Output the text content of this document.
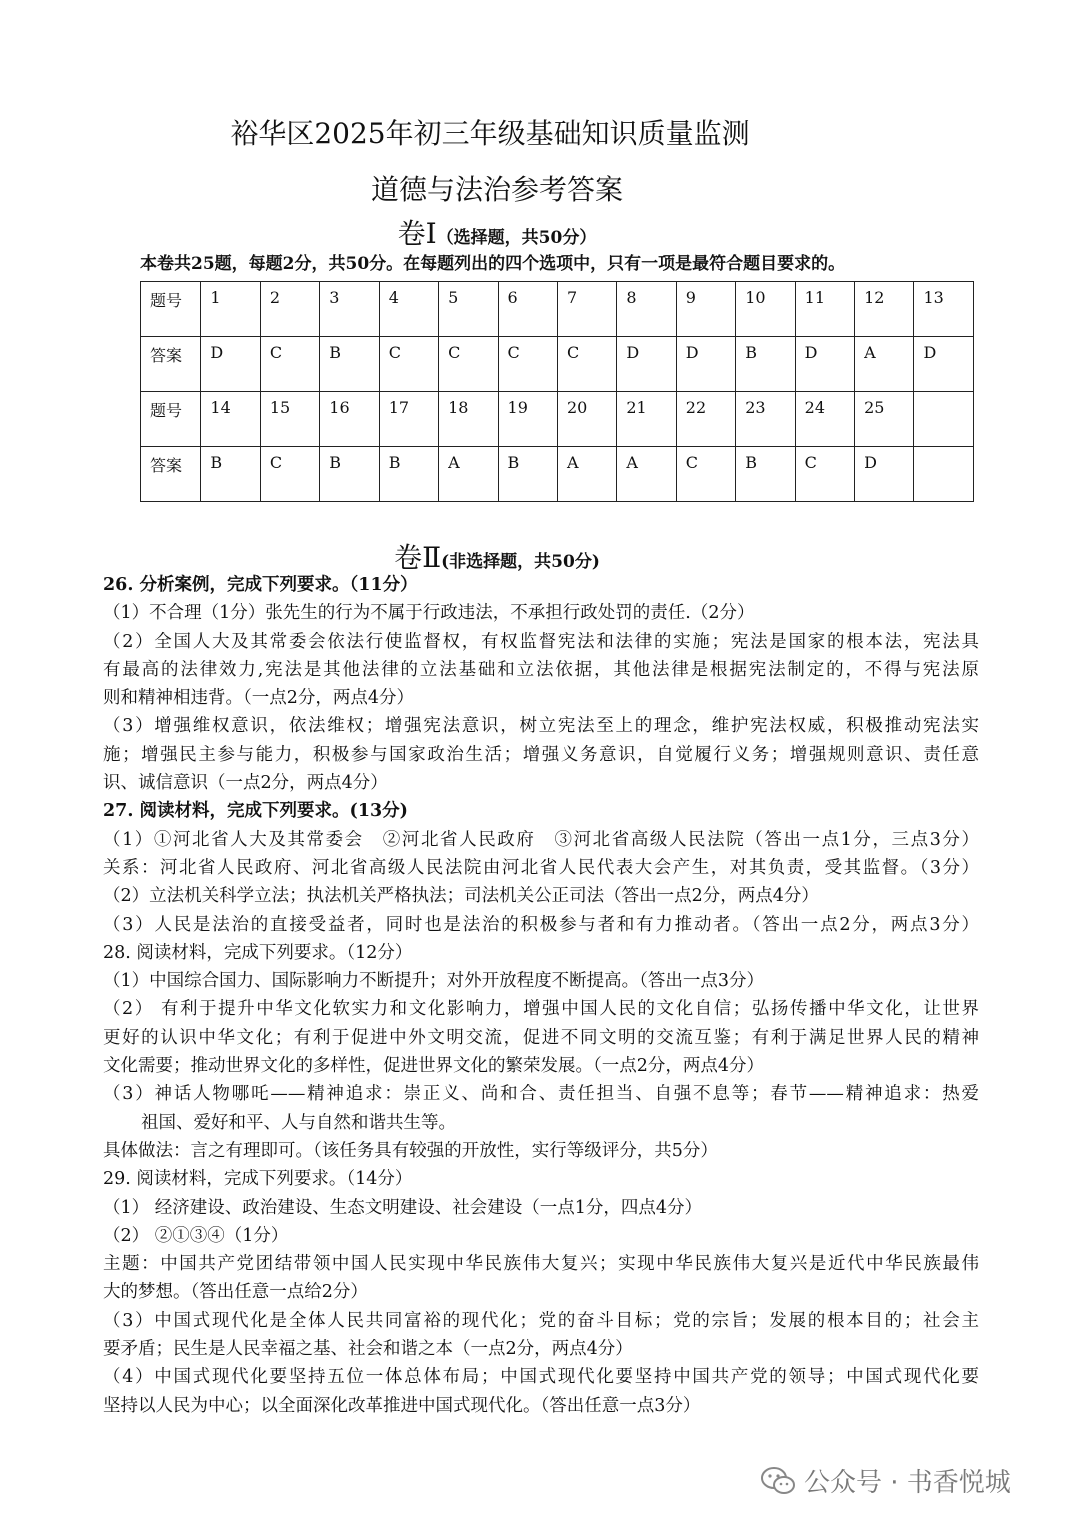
裕华区2025年初三年级基础知识质量监测
道德与法治参考答案
卷Ⅰ（选择题，共50分）
本卷共25题，每题2分，共50分。在每题列出的四个选项中，只有一项是最符合题目要求的。
题号	1	2	3	4	5	6	7	8	9	10	11	12	13
答案	D	C	B	C	C	C	C	D	D	B	D	A	D
题号	14	15	16	17	18	19	20	21	22	23	24	25	
答案	B	C	B	B	A	B	A	A	C	B	C	D	
卷Ⅱ(非选择题，共50分)
26. 分析案例，完成下列要求。（11分）
（1）不合理（1分）张先生的行为不属于行政违法，不承担行政处罚的责任.（2分）
（2）全国人大及其常委会依法行使监督权，有权监督宪法和法律的实施；宪法是国家的根本法，宪法具
有最高的法律效力,宪法是其他法律的立法基础和立法依据，其他法律是根据宪法制定的，不得与宪法原
则和精神相违背。（一点2分，两点4分）
（3）增强维权意识，依法维权；增强宪法意识，树立宪法至上的理念，维护宪法权威，积极推动宪法实
施；增强民主参与能力，积极参与国家政治生活；增强义务意识，自觉履行义务；增强规则意识、责任意
识、诚信意识（一点2分，两点4分）
27. 阅读材料，完成下列要求。(13分)
（1）①河北省人大及其常委会　②河北省人民政府　③河北省高级人民法院（答出一点1分，三点3分）
关系：河北省人民政府、河北省高级人民法院由河北省人民代表大会产生，对其负责，受其监督。（3分）
（2）立法机关科学立法；执法机关严格执法；司法机关公正司法（答出一点2分，两点4分）
（3）人民是法治的直接受益者，同时也是法治的积极参与者和有力推动者。（答出一点2分，两点3分）
28. 阅读材料，完成下列要求。（12分）
（1）中国综合国力、国际影响力不断提升；对外开放程度不断提高。（答出一点3分）
（2） 有利于提升中华文化软实力和文化影响力，增强中国人民的文化自信；弘扬传播中华文化，让世界
更好的认识中华文化；有利于促进中外文明交流，促进不同文明的交流互鉴；有利于满足世界人民的精神
文化需要；推动世界文化的多样性，促进世界文化的繁荣发展。（一点2分，两点4分）
（3）神话人物哪吒——精神追求：崇正义、尚和合、责任担当、自强不息等；春节——精神追求：热爱
祖国、爱好和平、人与自然和谐共生等。
具体做法：言之有理即可。（该任务具有较强的开放性，实行等级评分，共5分）
29. 阅读材料，完成下列要求。（14分）
（1） 经济建设、政治建设、生态文明建设、社会建设（一点1分，四点4分）
（2） ②①③④（1分）
主题：中国共产党团结带领中国人民实现中华民族伟大复兴；实现中华民族伟大复兴是近代中华民族最伟
大的梦想。（答出任意一点给2分）
（3）中国式现代化是全体人民共同富裕的现代化；党的奋斗目标；党的宗旨；发展的根本目的；社会主
要矛盾；民生是人民幸福之基、社会和谐之本（一点2分，两点4分）
（4）中国式现代化要坚持五位一体总体布局；中国式现代化要坚持中国共产党的领导；中国式现代化要
坚持以人民为中心；以全面深化改革推进中国式现代化。（答出任意一点3分）
公众号 · 书香悦城
